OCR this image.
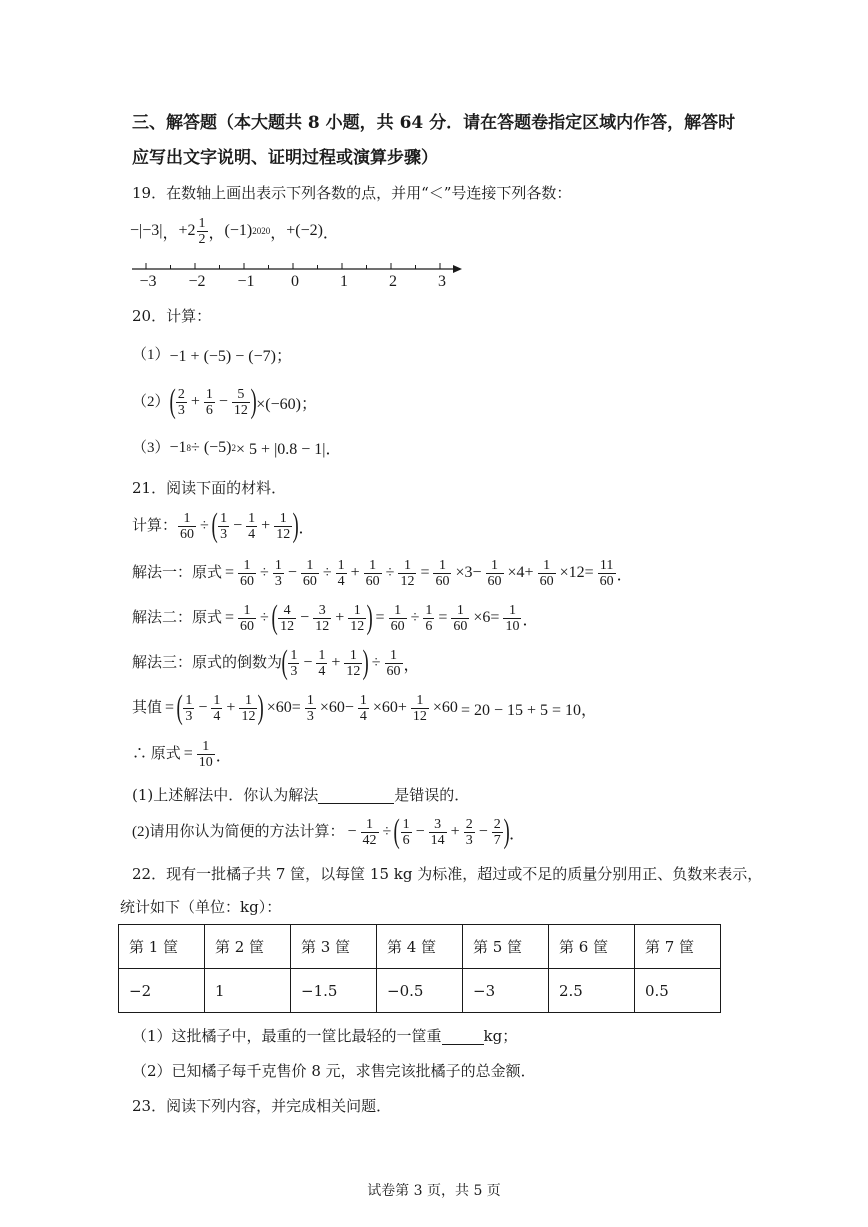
三、解答题（本大题共 8 小题，共 64 分．请在答题卷指定区域内作答，解答时
应写出文字说明、证明过程或演算步骤）
19．在数轴上画出表示下列各数的点，并用“＜”号连接下列各数：
−|−3| ， $+2 \frac{1}{2}$ ， (−1) 2020 ， +(−2) ．
−3 −2 −1	0	1	2	3
20．计算：
（1） −1 + (−5) − (−7)；
（2） ( $\frac{2}{3} + \frac{1}{6} - \frac{5}{12}$ ) ×(−60)；
（3） −1 8 ÷ (−5) 2 × 5 + |0.8 − 1|．
21．阅读下面的材料．
计算： $\frac{1}{60}$ ÷ ( $\frac{1}{3} - \frac{1}{4} + \frac{1}{12}$ ) ．
解法一：原式 = $\frac{1}{60} \div \frac{1}{3} - \frac{1}{60} \div \frac{1}{4} + \frac{1}{60} \div \frac{1}{12} = \frac{1}{60} \times 3- \frac{1}{60} \times 4+ \frac{1}{60} \times 12= \frac{11}{60}$ ．
解法二：原式 = $\frac{1}{60}$ ÷ ( $\frac{4}{12} - \frac{3}{12} + \frac{1}{12}$ ) = $\frac{1}{60} \div \frac{1}{6} = \frac{1}{60} \times 6= \frac{1}{10}$ ．
解法三：原式的倒数为 ( $\frac{1}{3} - \frac{1}{4} + \frac{1}{12}$ ) ÷ $\frac{1}{60}$ ，
其值 = ( $\frac{1}{3} - \frac{1}{4} + \frac{1}{12}$ ) $\times 60= \frac{1}{3} \times 60- \frac{1}{4} \times 60+ \frac{1}{12} \times 60 = 20 - 15 + 5 = 10$，
∴ 原式 = $\frac{1}{10}$ ．
(1)上述解法中．你认为解法	是错误的．
(2)请用你认为简便的方法计算： − $\frac{1}{42}$ ÷ ( $\frac{1}{6} - \frac{3}{14} + \frac{2}{3} - \frac{2}{7}$ ) ．
22．现有一批橘子共 7 筐，以每筐 15 kg 为标准，超过或不足的质量分别用正、负数来表示，
统计如下（单位：kg）：
第 1 筐	第 2 筐	第 3 筐	第 4 筐	第 5 筐	第 6 筐	第 7 筐
−2	1	−1.5	−0.5	−3	2.5	0.5
（1）这批橘子中，最重的一筐比最轻的一筐重	kg；
（2）已知橘子每千克售价 8 元，求售完该批橘子的总金额．
23．阅读下列内容，并完成相关问题．
试卷第 3 页，共 5 页
